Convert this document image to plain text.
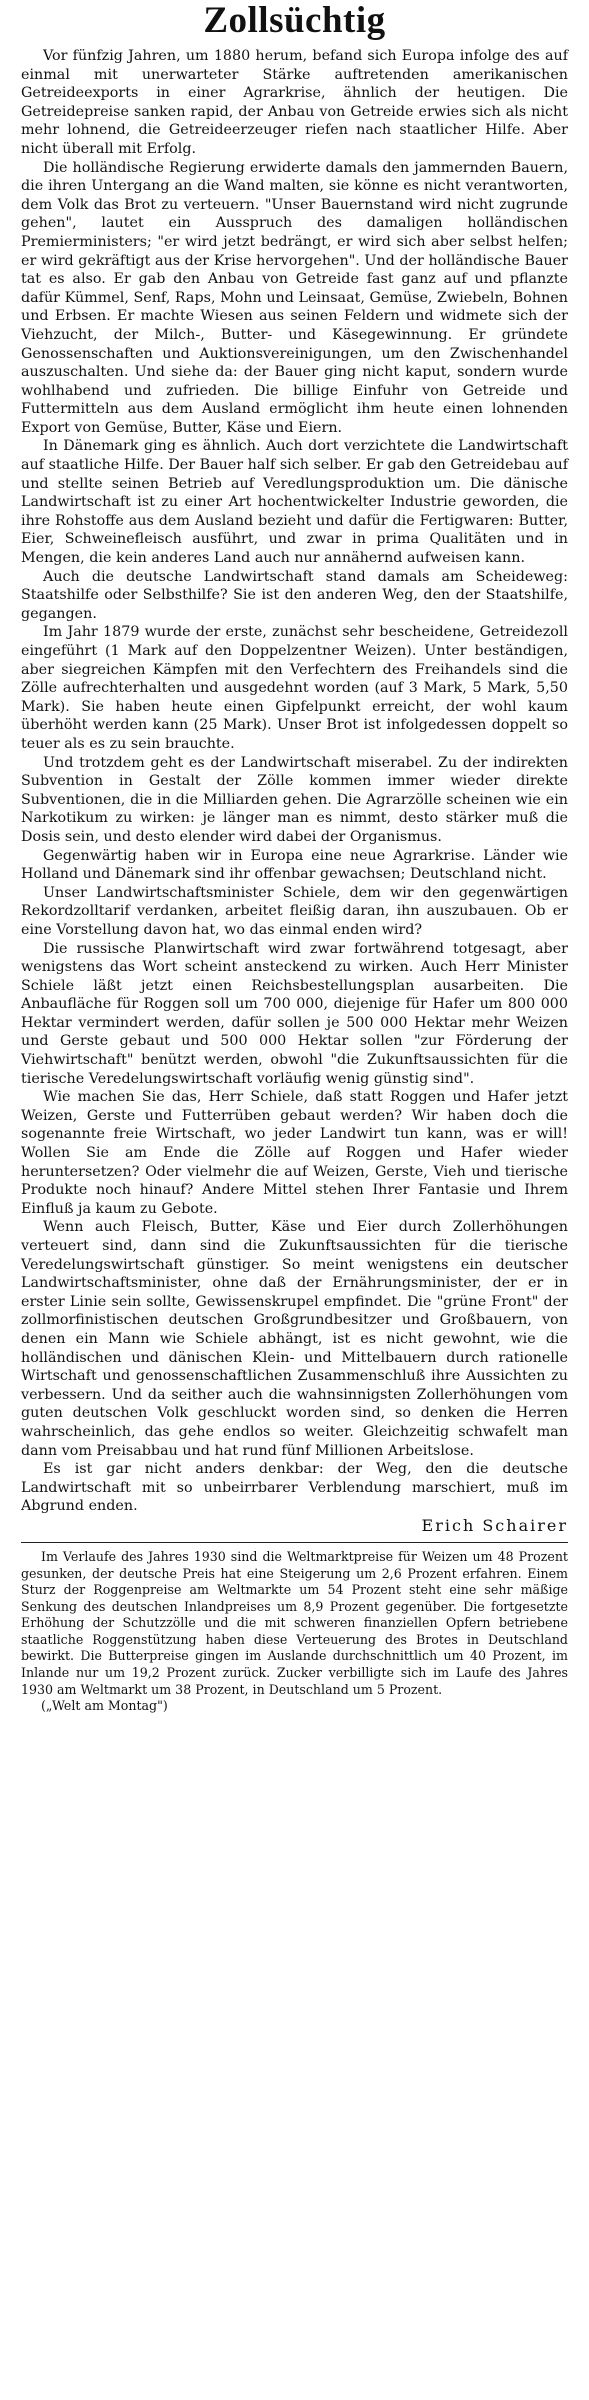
Zollsüchtig

Vor fünfzig Jahren, um 1880 herum, befand sich Europa infolge des auf einmal mit unerwarteter Stärke auftretenden amerikanischen Getreideexports in einer Agrarkrise, ähnlich der heutigen. Die Getreidepreise sanken rapid, der Anbau von Getreide erwies sich als nicht mehr lohnend, die Getreideerzeuger riefen nach staatlicher Hilfe. Aber nicht überall mit Erfolg.

Die holländische Regierung erwiderte damals den jammernden Bauern, die ihren Untergang an die Wand malten, sie könne es nicht verantworten, dem Volk das Brot zu verteuern. "Unser Bauernstand wird nicht zugrunde gehen", lautet ein Ausspruch des damaligen holländischen Premierministers; "er wird jetzt bedrängt, er wird sich aber selbst helfen; er wird gekräftigt aus der Krise hervorgehen". Und der holländische Bauer tat es also. Er gab den Anbau von Getreide fast ganz auf und pflanzte dafür Kümmel, Senf, Raps, Mohn und Leinsaat, Gemüse, Zwiebeln, Bohnen und Erbsen. Er machte Wiesen aus seinen Feldern und widmete sich der Viehzucht, der Milch-, Butter- und Käsegewinnung. Er gründete Genossenschaften und Auktionsvereinigungen, um den Zwischenhandel auszuschalten. Und siehe da: der Bauer ging nicht kaput, sondern wurde wohlhabend und zufrieden. Die billige Einfuhr von Getreide und Futtermitteln aus dem Ausland ermöglicht ihm heute einen lohnenden Export von Gemüse, Butter, Käse und Eiern.

In Dänemark ging es ähnlich. Auch dort verzichtete die Landwirtschaft auf staatliche Hilfe. Der Bauer half sich selber. Er gab den Getreidebau auf und stellte seinen Betrieb auf Veredlungsproduktion um. Die dänische Landwirtschaft ist zu einer Art hochentwickelter Industrie geworden, die ihre Rohstoffe aus dem Ausland bezieht und dafür die Fertigwaren: Butter, Eier, Schweinefleisch ausführt, und zwar in prima Qualitäten und in Mengen, die kein anderes Land auch nur annähernd aufweisen kann.

Auch die deutsche Landwirtschaft stand damals am Scheideweg: Staatshilfe oder Selbsthilfe? Sie ist den anderen Weg, den der Staatshilfe, gegangen.

Im Jahr 1879 wurde der erste, zunächst sehr bescheidene, Getreidezoll eingeführt (1 Mark auf den Doppelzentner Weizen). Unter beständigen, aber siegreichen Kämpfen mit den Verfechtern des Freihandels sind die Zölle aufrechterhalten und ausgedehnt worden (auf 3 Mark, 5 Mark, 5,50 Mark). Sie haben heute einen Gipfelpunkt erreicht, der wohl kaum überhöht werden kann (25 Mark). Unser Brot ist infolgedessen doppelt so teuer als es zu sein brauchte.

Und trotzdem geht es der Landwirtschaft miserabel. Zu der indirekten Subvention in Gestalt der Zölle kommen immer wieder direkte Subventionen, die in die Milliarden gehen. Die Agrarzölle scheinen wie ein Narkotikum zu wirken: je länger man es nimmt, desto stärker muß die Dosis sein, und desto elender wird dabei der Organismus.

Gegenwärtig haben wir in Europa eine neue Agrarkrise. Länder wie Holland und Dänemark sind ihr offenbar gewachsen; Deutschland nicht.

Unser Landwirtschaftsminister Schiele, dem wir den gegenwärtigen Rekordzolltarif verdanken, arbeitet fleißig daran, ihn auszubauen. Ob er eine Vorstellung davon hat, wo das einmal enden wird?

Die russische Planwirtschaft wird zwar fortwährend totgesagt, aber wenigstens das Wort scheint ansteckend zu wirken. Auch Herr Minister Schiele läßt jetzt einen Reichsbestellungsplan ausarbeiten. Die Anbaufläche für Roggen soll um 700 000, diejenige für Hafer um 800 000 Hektar vermindert werden, dafür sollen je 500 000 Hektar mehr Weizen und Gerste gebaut und 500 000 Hektar sollen "zur Förderung der Viehwirtschaft" benützt werden, obwohl "die Zukunftsaussichten für die tierische Veredelungswirtschaft vorläufig wenig günstig sind".

Wie machen Sie das, Herr Schiele, daß statt Roggen und Hafer jetzt Weizen, Gerste und Futterrüben gebaut werden? Wir haben doch die sogenannte freie Wirtschaft, wo jeder Landwirt tun kann, was er will! Wollen Sie am Ende die Zölle auf Roggen und Hafer wieder heruntersetzen? Oder vielmehr die auf Weizen, Gerste, Vieh und tierische Produkte noch hinauf? Andere Mittel stehen Ihrer Fantasie und Ihrem Einfluß ja kaum zu Gebote.

Wenn auch Fleisch, Butter, Käse und Eier durch Zollerhöhungen verteuert sind, dann sind die Zukunftsaussichten für die tierische Veredelungswirtschaft günstiger. So meint wenigstens ein deutscher Landwirtschaftsminister, ohne daß der Ernährungsminister, der er in erster Linie sein sollte, Gewissenskrupel empfindet. Die "grüne Front" der zollmorfinistischen deutschen Großgrundbesitzer und Großbauern, von denen ein Mann wie Schiele abhängt, ist es nicht gewohnt, wie die holländischen und dänischen Klein- und Mittelbauern durch rationelle Wirtschaft und genossenschaftlichen Zusammenschluß ihre Aussichten zu verbessern. Und da seither auch die wahnsinnigsten Zollerhöhungen vom guten deutschen Volk geschluckt worden sind, so denken die Herren wahrscheinlich, das gehe endlos so weiter. Gleichzeitig schwafelt man dann vom Preisabbau und hat rund fünf Millionen Arbeitslose.

Es ist gar nicht anders denkbar: der Weg, den die deutsche Landwirtschaft mit so unbeirrbarer Verblendung marschiert, muß im Abgrund enden.

Erich Schairer

Im Verlaufe des Jahres 1930 sind die Weltmarktpreise für Weizen um 48 Prozent gesunken, der deutsche Preis hat eine Steigerung um 2,6 Prozent erfahren. Einem Sturz der Roggenpreise am Weltmarkte um 54 Prozent steht eine sehr mäßige Senkung des deutschen Inlandpreises um 8,9 Prozent gegenüber. Die fortgesetzte Erhöhung der Schutzzölle und die mit schweren finanziellen Opfern betriebene staatliche Roggenstützung haben diese Verteuerung des Brotes in Deutschland bewirkt. Die Butterpreise gingen im Auslande durchschnittlich um 40 Prozent, im Inlande nur um 19,2 Prozent zurück. Zucker verbilligte sich im Laufe des Jahres 1930 am Weltmarkt um 38 Prozent, in Deutschland um 5 Prozent.

(„Welt am Montag")
